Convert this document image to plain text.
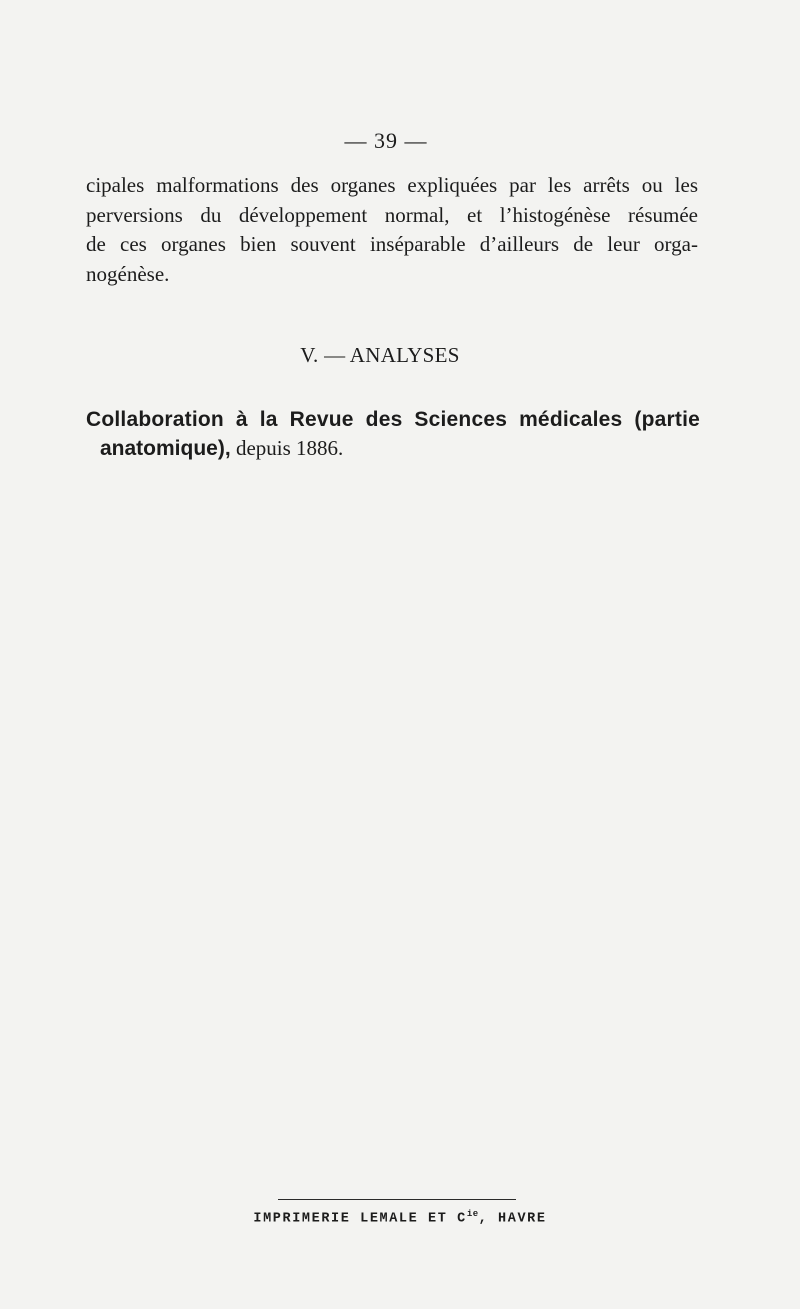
— 39 —
cipales malformations des organes expliquées par les arrêts ou les
perversions du développement normal, et l’histogénèse résumée
de ces organes bien souvent inséparable d’ailleurs de leur orga-
nogénèse.
V. — ANALYSES
Collaboration à la Revue des Sciences médicales (partie
anatomique), depuis 1886.
IMPRIMERIE LEMALE ET $C^{ie}$, HAVRE
